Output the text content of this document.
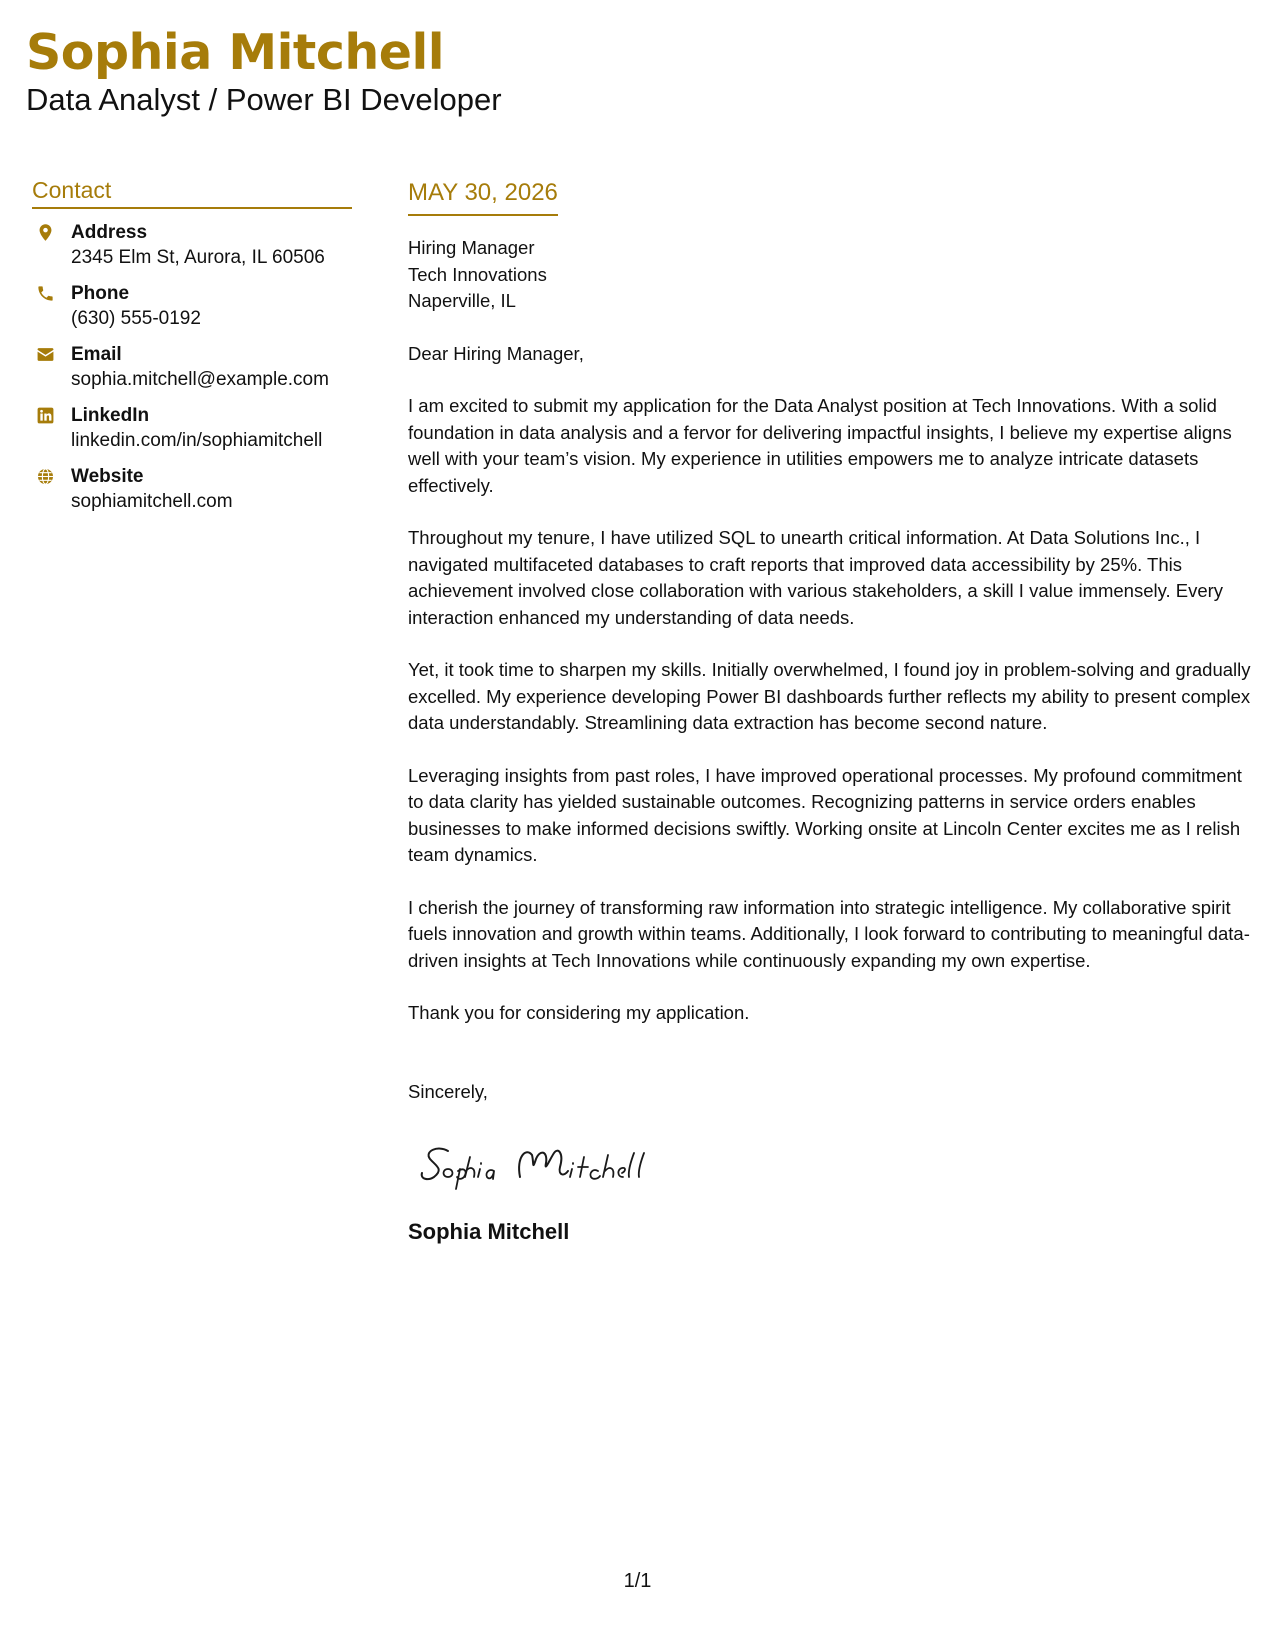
Sophia Mitchell
Data Analyst / Power BI Developer
Contact
Address
2345 Elm St, Aurora, IL 60506
Phone
(630) 555-0192
Email
sophia.mitchell@example.com
LinkedIn
linkedin.com/in/sophiamitchell
Website
sophiamitchell.com
MAY 30, 2026
Hiring Manager
Tech Innovations
Naperville, IL
Dear Hiring Manager,

I am excited to submit my application for the Data Analyst position at Tech Innovations. With a solid foundation in data analysis and a fervor for delivering impactful insights, I believe my expertise aligns well with your team’s vision. My experience in utilities empowers me to analyze intricate datasets effectively.

Throughout my tenure, I have utilized SQL to unearth critical information. At Data Solutions Inc., I navigated multifaceted databases to craft reports that improved data accessibility by 25%. This achievement involved close collaboration with various stakeholders, a skill I value immensely. Every interaction enhanced my understanding of data needs.

Yet, it took time to sharpen my skills. Initially overwhelmed, I found joy in problem-solving and gradually excelled. My experience developing Power BI dashboards further reflects my ability to present complex data understandably. Streamlining data extraction has become second nature.

Leveraging insights from past roles, I have improved operational processes. My profound commitment to data clarity has yielded sustainable outcomes. Recognizing patterns in service orders enables businesses to make informed decisions swiftly. Working onsite at Lincoln Center excites me as I relish team dynamics.

I cherish the journey of transforming raw information into strategic intelligence. My collaborative spirit fuels innovation and growth within teams. Additionally, I look forward to contributing to meaningful data-driven insights at Tech Innovations while continuously expanding my own expertise.

Thank you for considering my application.

Sincerely,
Sophia Mitchell
1/1
